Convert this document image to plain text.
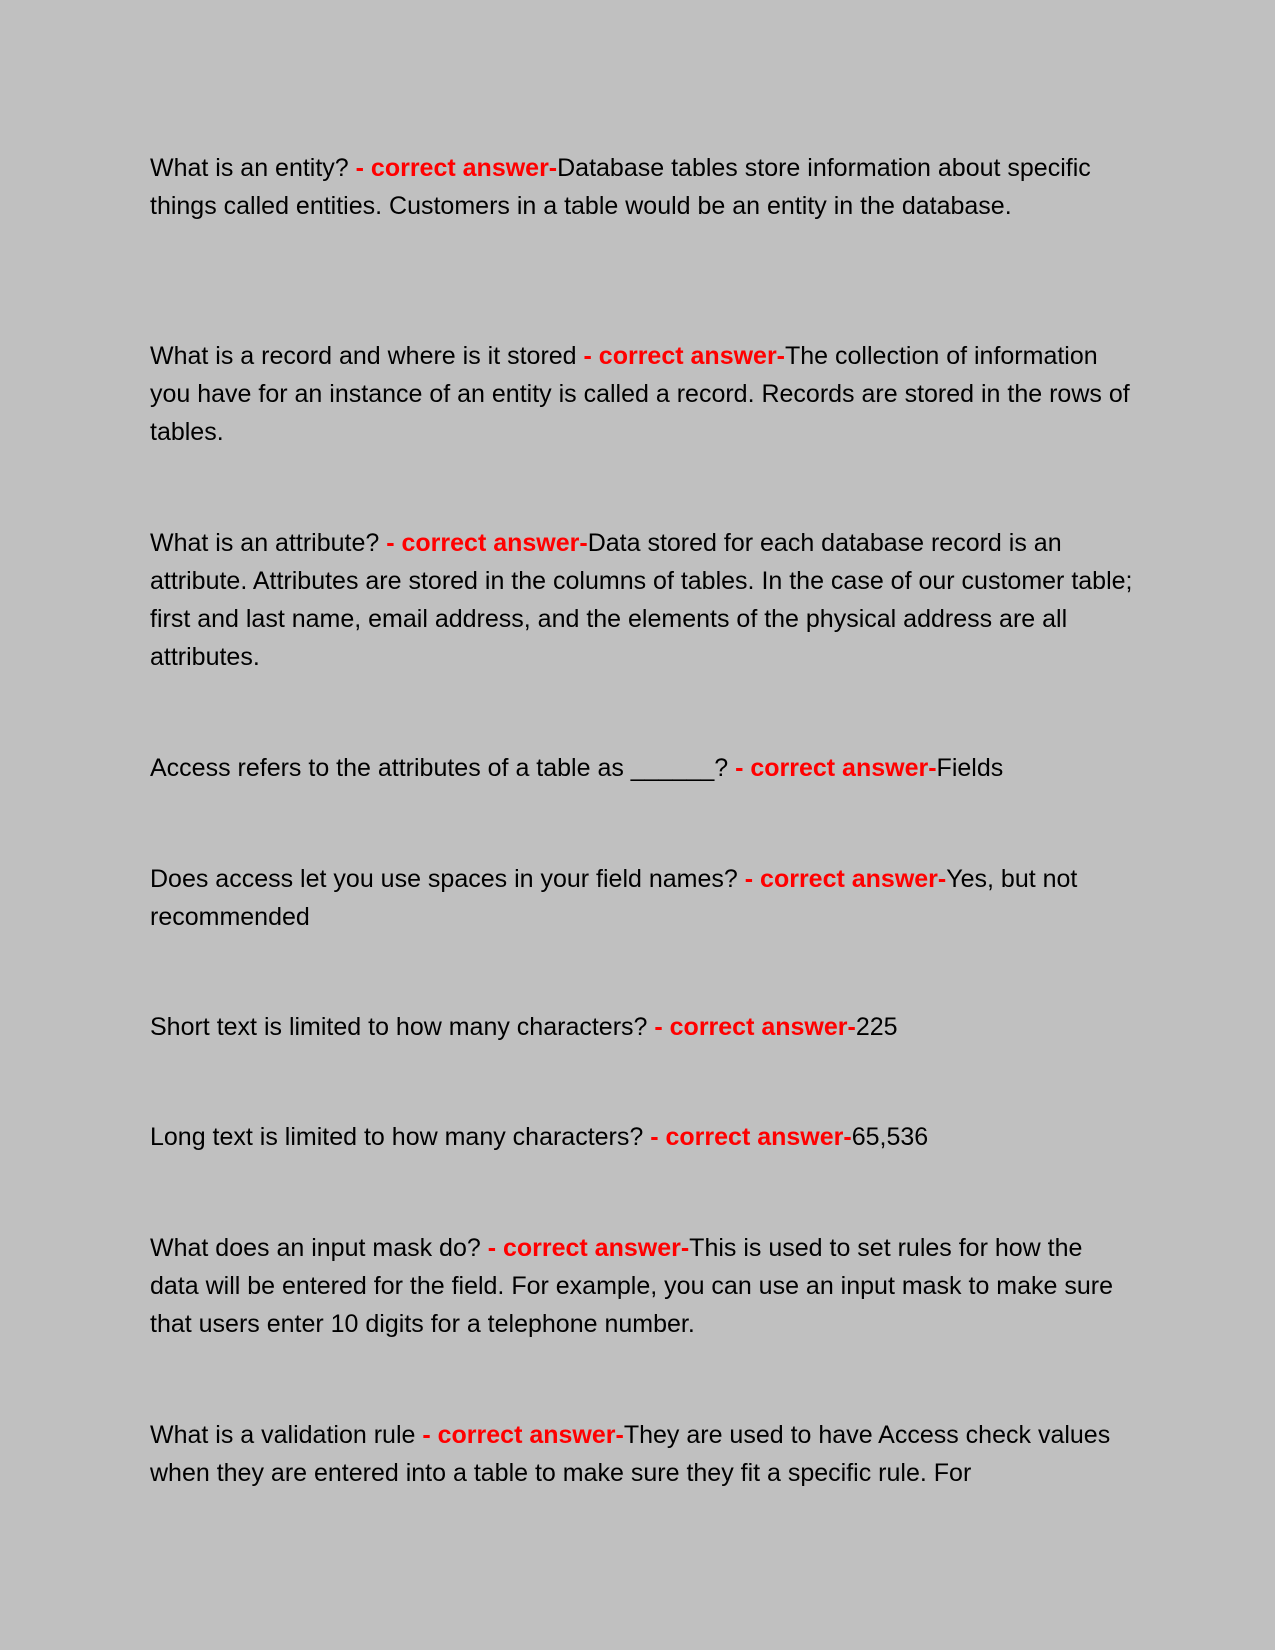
What is an entity? - correct answer-Database tables store information about specific things called entities. Customers in a table would be an entity in the database.

What is a record and where is it stored - correct answer-The collection of information you have for an instance of an entity is called a record. Records are stored in the rows of tables.

What is an attribute? - correct answer-Data stored for each database record is an attribute. Attributes are stored in the columns of tables. In the case of our customer table; first and last name, email address, and the elements of the physical address are all attributes.

Access refers to the attributes of a table as ______? - correct answer-Fields

Does access let you use spaces in your field names? - correct answer-Yes, but not recommended

Short text is limited to how many characters? - correct answer-225

Long text is limited to how many characters? - correct answer-65,536

What does an input mask do? - correct answer-This is used to set rules for how the data will be entered for the field. For example, you can use an input mask to make sure that users enter 10 digits for a telephone number.

What is a validation rule - correct answer-They are used to have Access check values when they are entered into a table to make sure they fit a specific rule. For
